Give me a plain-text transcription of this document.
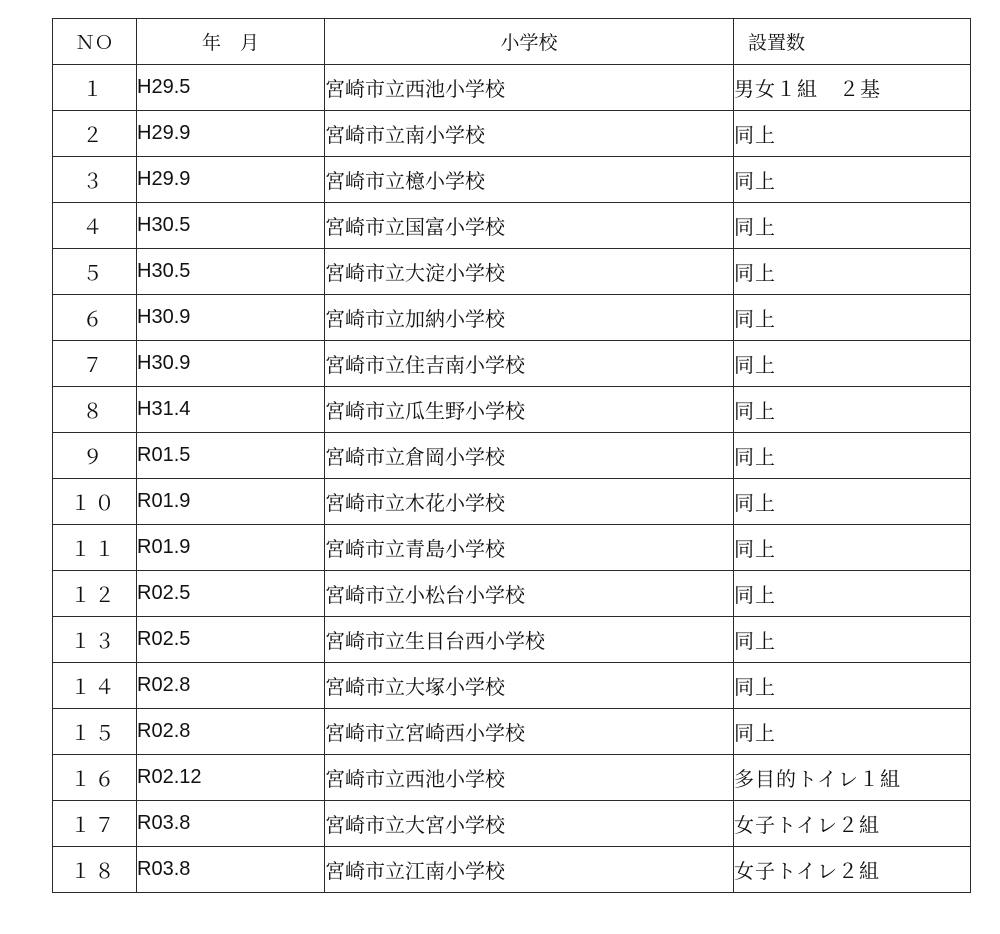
ＮＯ	年　月	小学校	設置数
１	H29.5	宮崎市立西池小学校	男女１組　２基
２	H29.9	宮崎市立南小学校	同上
３	H29.9	宮崎市立檍小学校	同上
４	H30.5	宮崎市立国富小学校	同上
５	H30.5	宮崎市立大淀小学校	同上
６	H30.9	宮崎市立加納小学校	同上
７	H30.9	宮崎市立住吉南小学校	同上
８	H31.4	宮崎市立瓜生野小学校	同上
９	R01.5	宮崎市立倉岡小学校	同上
１０	R01.9	宮崎市立木花小学校	同上
１１	R01.9	宮崎市立青島小学校	同上
１２	R02.5	宮崎市立小松台小学校	同上
１３	R02.5	宮崎市立生目台西小学校	同上
１４	R02.8	宮崎市立大塚小学校	同上
１５	R02.8	宮崎市立宮崎西小学校	同上
１６	R02.12	宮崎市立西池小学校	多目的トイレ１組
１７	R03.8	宮崎市立大宮小学校	女子トイレ２組
１８	R03.8	宮崎市立江南小学校	女子トイレ２組
